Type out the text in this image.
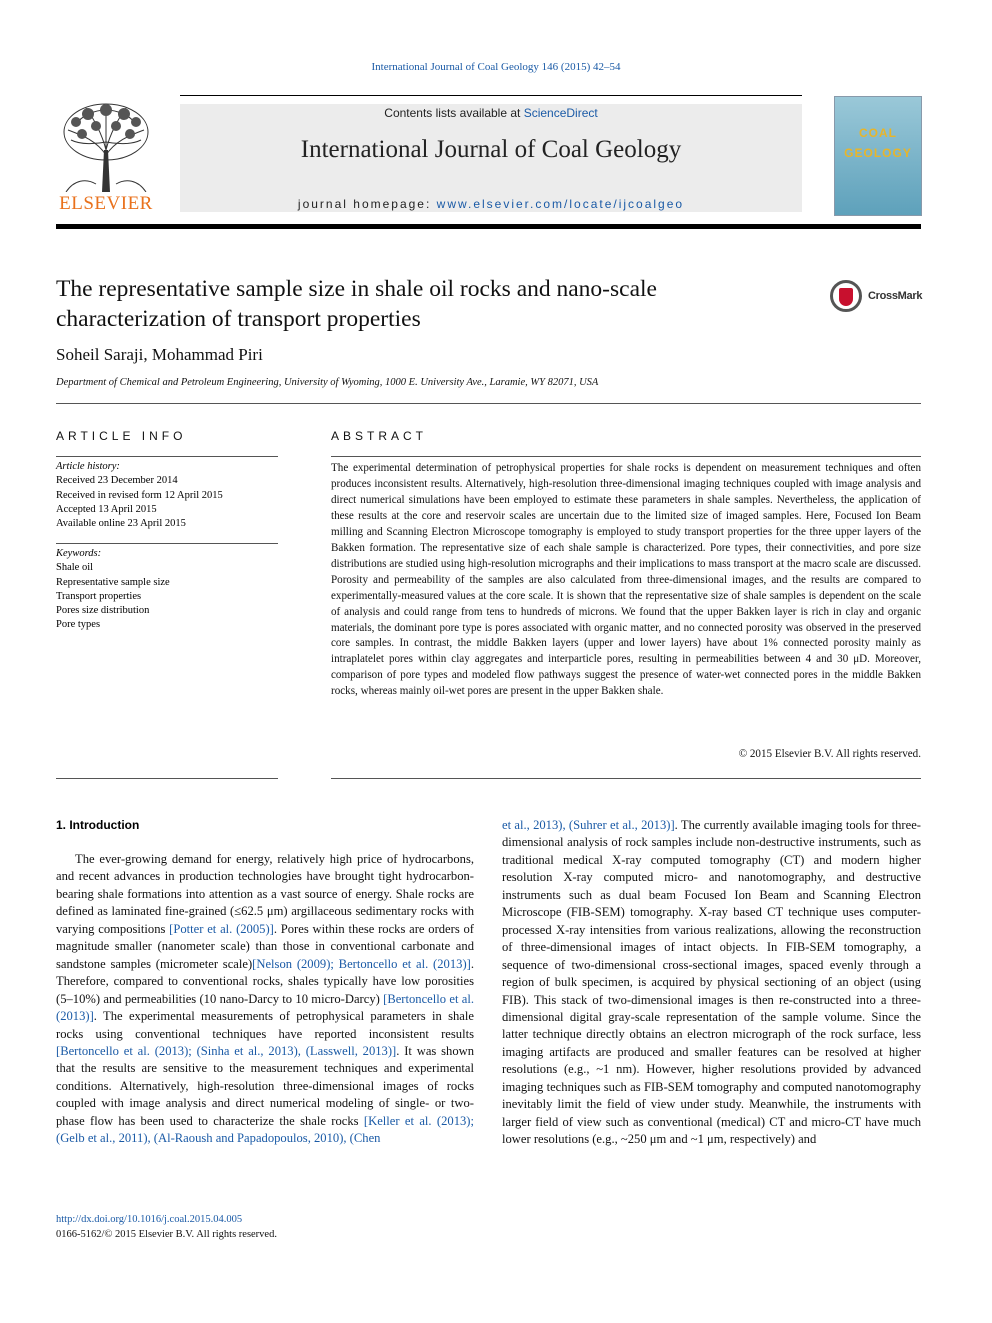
International Journal of Coal Geology 146 (2015) 42–54
ELSEVIER
Contents lists available at ScienceDirect
International Journal of Coal Geology
journal homepage: www.elsevier.com/locate/ijcoalgeo
COAL
GEOLOGY
The representative sample size in shale oil rocks and nano-scale characterization of transport properties
CrossMark
Soheil Saraji, Mohammad Piri
Department of Chemical and Petroleum Engineering, University of Wyoming, 1000 E. University Ave., Laramie, WY 82071, USA
ARTICLE INFO	ABSTRACT
Article history:
Received 23 December 2014
Received in revised form 12 April 2015
Accepted 13 April 2015
Available online 23 April 2015
Keywords:
Shale oil
Representative sample size
Transport properties
Pores size distribution
Pore types
The experimental determination of petrophysical properties for shale rocks is dependent on measurement techniques and often produces inconsistent results. Alternatively, high-resolution three-dimensional imaging techniques coupled with image analysis and direct numerical simulations have been employed to estimate these parameters in shale samples. Nevertheless, the application of these results at the core and reservoir scales are uncertain due to the limited size of imaged samples. Here, Focused Ion Beam milling and Scanning Electron Microscope tomography is employed to study transport properties for the three upper layers of the Bakken formation. The representative size of each shale sample is characterized. Pore types, their connectivities, and pore size distributions are studied using high-resolution micrographs and their implications to mass transport at the macro scale are discussed. Porosity and permeability of the samples are also calculated from three-dimensional images, and the results are compared to experimentally-measured values at the core scale. It is shown that the representative size of shale samples is dependent on the scale of analysis and could range from tens to hundreds of microns. We found that the upper Bakken layer is rich in clay and organic materials, the dominant pore type is pores associated with organic matter, and no connected porosity was observed in the preserved core samples. In contrast, the middle Bakken layers (upper and lower layers) have about 1% connected porosity mainly as intraplatelet pores within clay aggregates and interparticle pores, resulting in permeabilities between 4 and 30 μD. Moreover, comparison of pore types and modeled flow pathways suggest the presence of water-wet connected pores in the middle Bakken rocks, whereas mainly oil-wet pores are present in the upper Bakken shale.
© 2015 Elsevier B.V. All rights reserved.
1. Introduction

The ever-growing demand for energy, relatively high price of hydrocarbons, and recent advances in production technologies have brought tight hydrocarbon-bearing shale formations into attention as a vast source of energy. Shale rocks are defined as laminated fine-grained (≤62.5 μm) argillaceous sedimentary rocks with varying compositions [Potter et al. (2005)]. Pores within these rocks are orders of magnitude smaller (nanometer scale) than those in conventional carbonate and sandstone samples (micrometer scale)[Nelson (2009); Bertoncello et al. (2013)]. Therefore, compared to conventional rocks, shales typically have low porosities (5–10%) and permeabilities (10 nano-Darcy to 10 micro-Darcy) [Bertoncello et al. (2013)]. The experimental measurements of petrophysical parameters in shale rocks using conventional techniques have reported inconsistent results [Bertoncello et al. (2013); (Sinha et al., 2013), (Lasswell, 2013)]. It was shown that the results are sensitive to the measurement techniques and experimental conditions. Alternatively, high-resolution three-dimensional images of rocks coupled with image analysis and direct numerical modeling of single- or two-phase flow has been used to characterize the shale rocks [Keller et al. (2013); (Gelb et al., 2011), (Al-Raoush and Papadopoulos, 2010), (Chen

et al., 2013), (Suhrer et al., 2013)]. The currently available imaging tools for three-dimensional analysis of rock samples include non-destructive instruments, such as traditional medical X-ray computed tomography (CT) and modern higher resolution X-ray computed micro- and nanotomography, and destructive instruments such as dual beam Focused Ion Beam and Scanning Electron Microscope (FIB-SEM) tomography. X-ray based CT technique uses computer-processed X-ray intensities from various realizations, allowing the reconstruction of three-dimensional images of intact objects. In FIB-SEM tomography, a sequence of two-dimensional cross-sectional images, spaced evenly through a region of bulk specimen, is acquired by physical sectioning of an object (using FIB). This stack of two-dimensional images is then re-constructed into a three-dimensional digital gray-scale representation of the sample volume. Since the latter technique directly obtains an electron micrograph of the rock surface, less imaging artifacts are produced and smaller features can be resolved at higher resolutions (e.g., ~1 nm). However, higher resolutions provided by advanced imaging techniques such as FIB-SEM tomography and computed nanotomography inevitably limit the field of view under study. Meanwhile, the instruments with larger field of view such as conventional (medical) CT and micro-CT have much lower resolutions (e.g., ~250 μm and ~1 μm, respectively) and

http://dx.doi.org/10.1016/j.coal.2015.04.005
0166-5162/© 2015 Elsevier B.V. All rights reserved.
